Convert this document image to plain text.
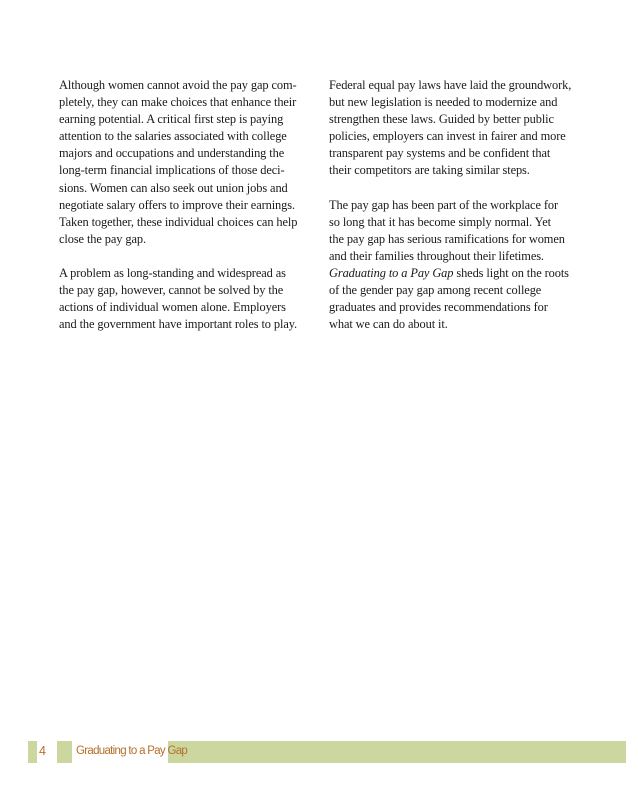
Although women cannot avoid the pay gap com-
pletely, they can make choices that enhance their
earning potential. A critical first step is paying
attention to the salaries associated with college
majors and occupations and understanding the
long-term financial implications of those deci-
sions. Women can also seek out union jobs and
negotiate salary offers to improve their earnings.
Taken together, these individual choices can help
close the pay gap.

A problem as long-standing and widespread as
the pay gap, however, cannot be solved by the
actions of individual women alone. Employers
and the government have important roles to play.

Federal equal pay laws have laid the groundwork,
but new legislation is needed to modernize and
strengthen these laws. Guided by better public
policies, employers can invest in fairer and more
transparent pay systems and be confident that
their competitors are taking similar steps.

The pay gap has been part of the workplace for
so long that it has become simply normal. Yet
the pay gap has serious ramifications for women
and their families throughout their lifetimes.
Graduating to a Pay Gap sheds light on the roots
of the gender pay gap among recent college
graduates and provides recommendations for
what we can do about it.

4	Graduating to a Pay Gap
